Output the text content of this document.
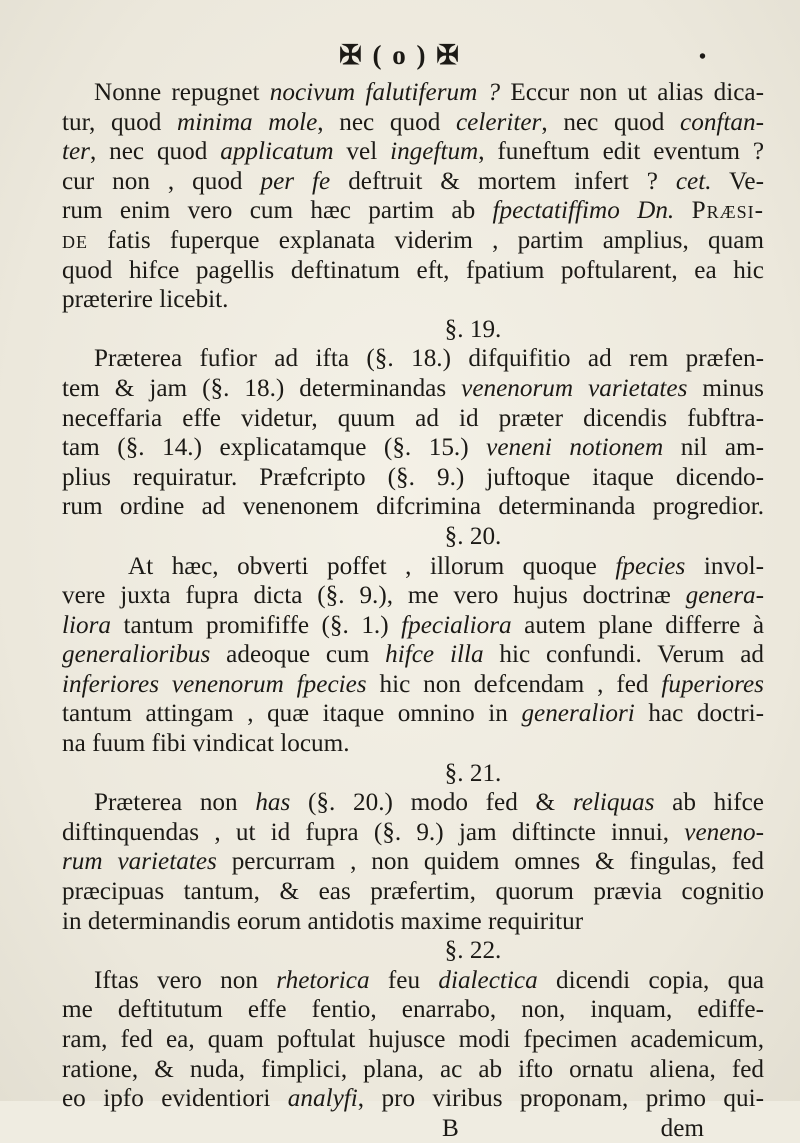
✠ ( o ) ✠	•
Nonne repugnet nocivum falutiferum ? Eccur non ut alias dica-
tur, quod minima mole, nec quod celeriter, nec quod conftan-
ter, nec quod applicatum vel ingeftum, funeftum edit eventum ?
cur non , quod per fe deftruit & mortem infert ? cet. Ve-
rum enim vero cum hæc partim ab fpectatiffimo Dn. Præsi-
de fatis fuperque explanata viderim , partim amplius, quam
quod hifce pagellis deftinatum eft, fpatium poftularent, ea hic
præterire licebit.
§. 19.
Præterea fufior ad ifta (§. 18.) difquifitio ad rem præfen-
tem & jam (§. 18.) determinandas venenorum varietates minus
neceffaria effe videtur, quum ad id præter dicendis fubftra-
tam (§. 14.) explicatamque (§. 15.) veneni notionem nil am-
plius requiratur. Præfcripto (§. 9.) juftoque itaque dicendo-
rum ordine ad venenonem difcrimina determinanda progredior.
§. 20.
At hæc, obverti poffet , illorum quoque fpecies invol-
vere juxta fupra dicta (§. 9.), me vero hujus doctrinæ genera-
liora tantum promififfe (§. 1.) fpecialiora autem plane differre à
generalioribus adeoque cum hifce illa hic confundi. Verum ad
inferiores venenorum fpecies hic non defcendam , fed fuperiores
tantum attingam , quæ itaque omnino in generaliori hac doctri-
na fuum fibi vindicat locum.
§. 21.
Præterea non has (§. 20.) modo fed & reliquas ab hifce
diftinquendas , ut id fupra (§. 9.) jam diftincte innui, veneno-
rum varietates percurram , non quidem omnes & fingulas, fed
præcipuas tantum, & eas præfertim, quorum prævia cognitio
in determinandis eorum antidotis maxime requiritur
§. 22.
Iftas vero non rhetorica feu dialectica dicendi copia, qua
me deftitutum effe fentio, enarrabo, non, inquam, ediffe-
ram, fed ea, quam poftulat hujusce modi fpecimen academicum,
ratione, & nuda, fimplici, plana, ac ab ifto ornatu aliena, fed
eo ipfo evidentiori analyfi, pro viribus proponam, primo qui-
B	dem
